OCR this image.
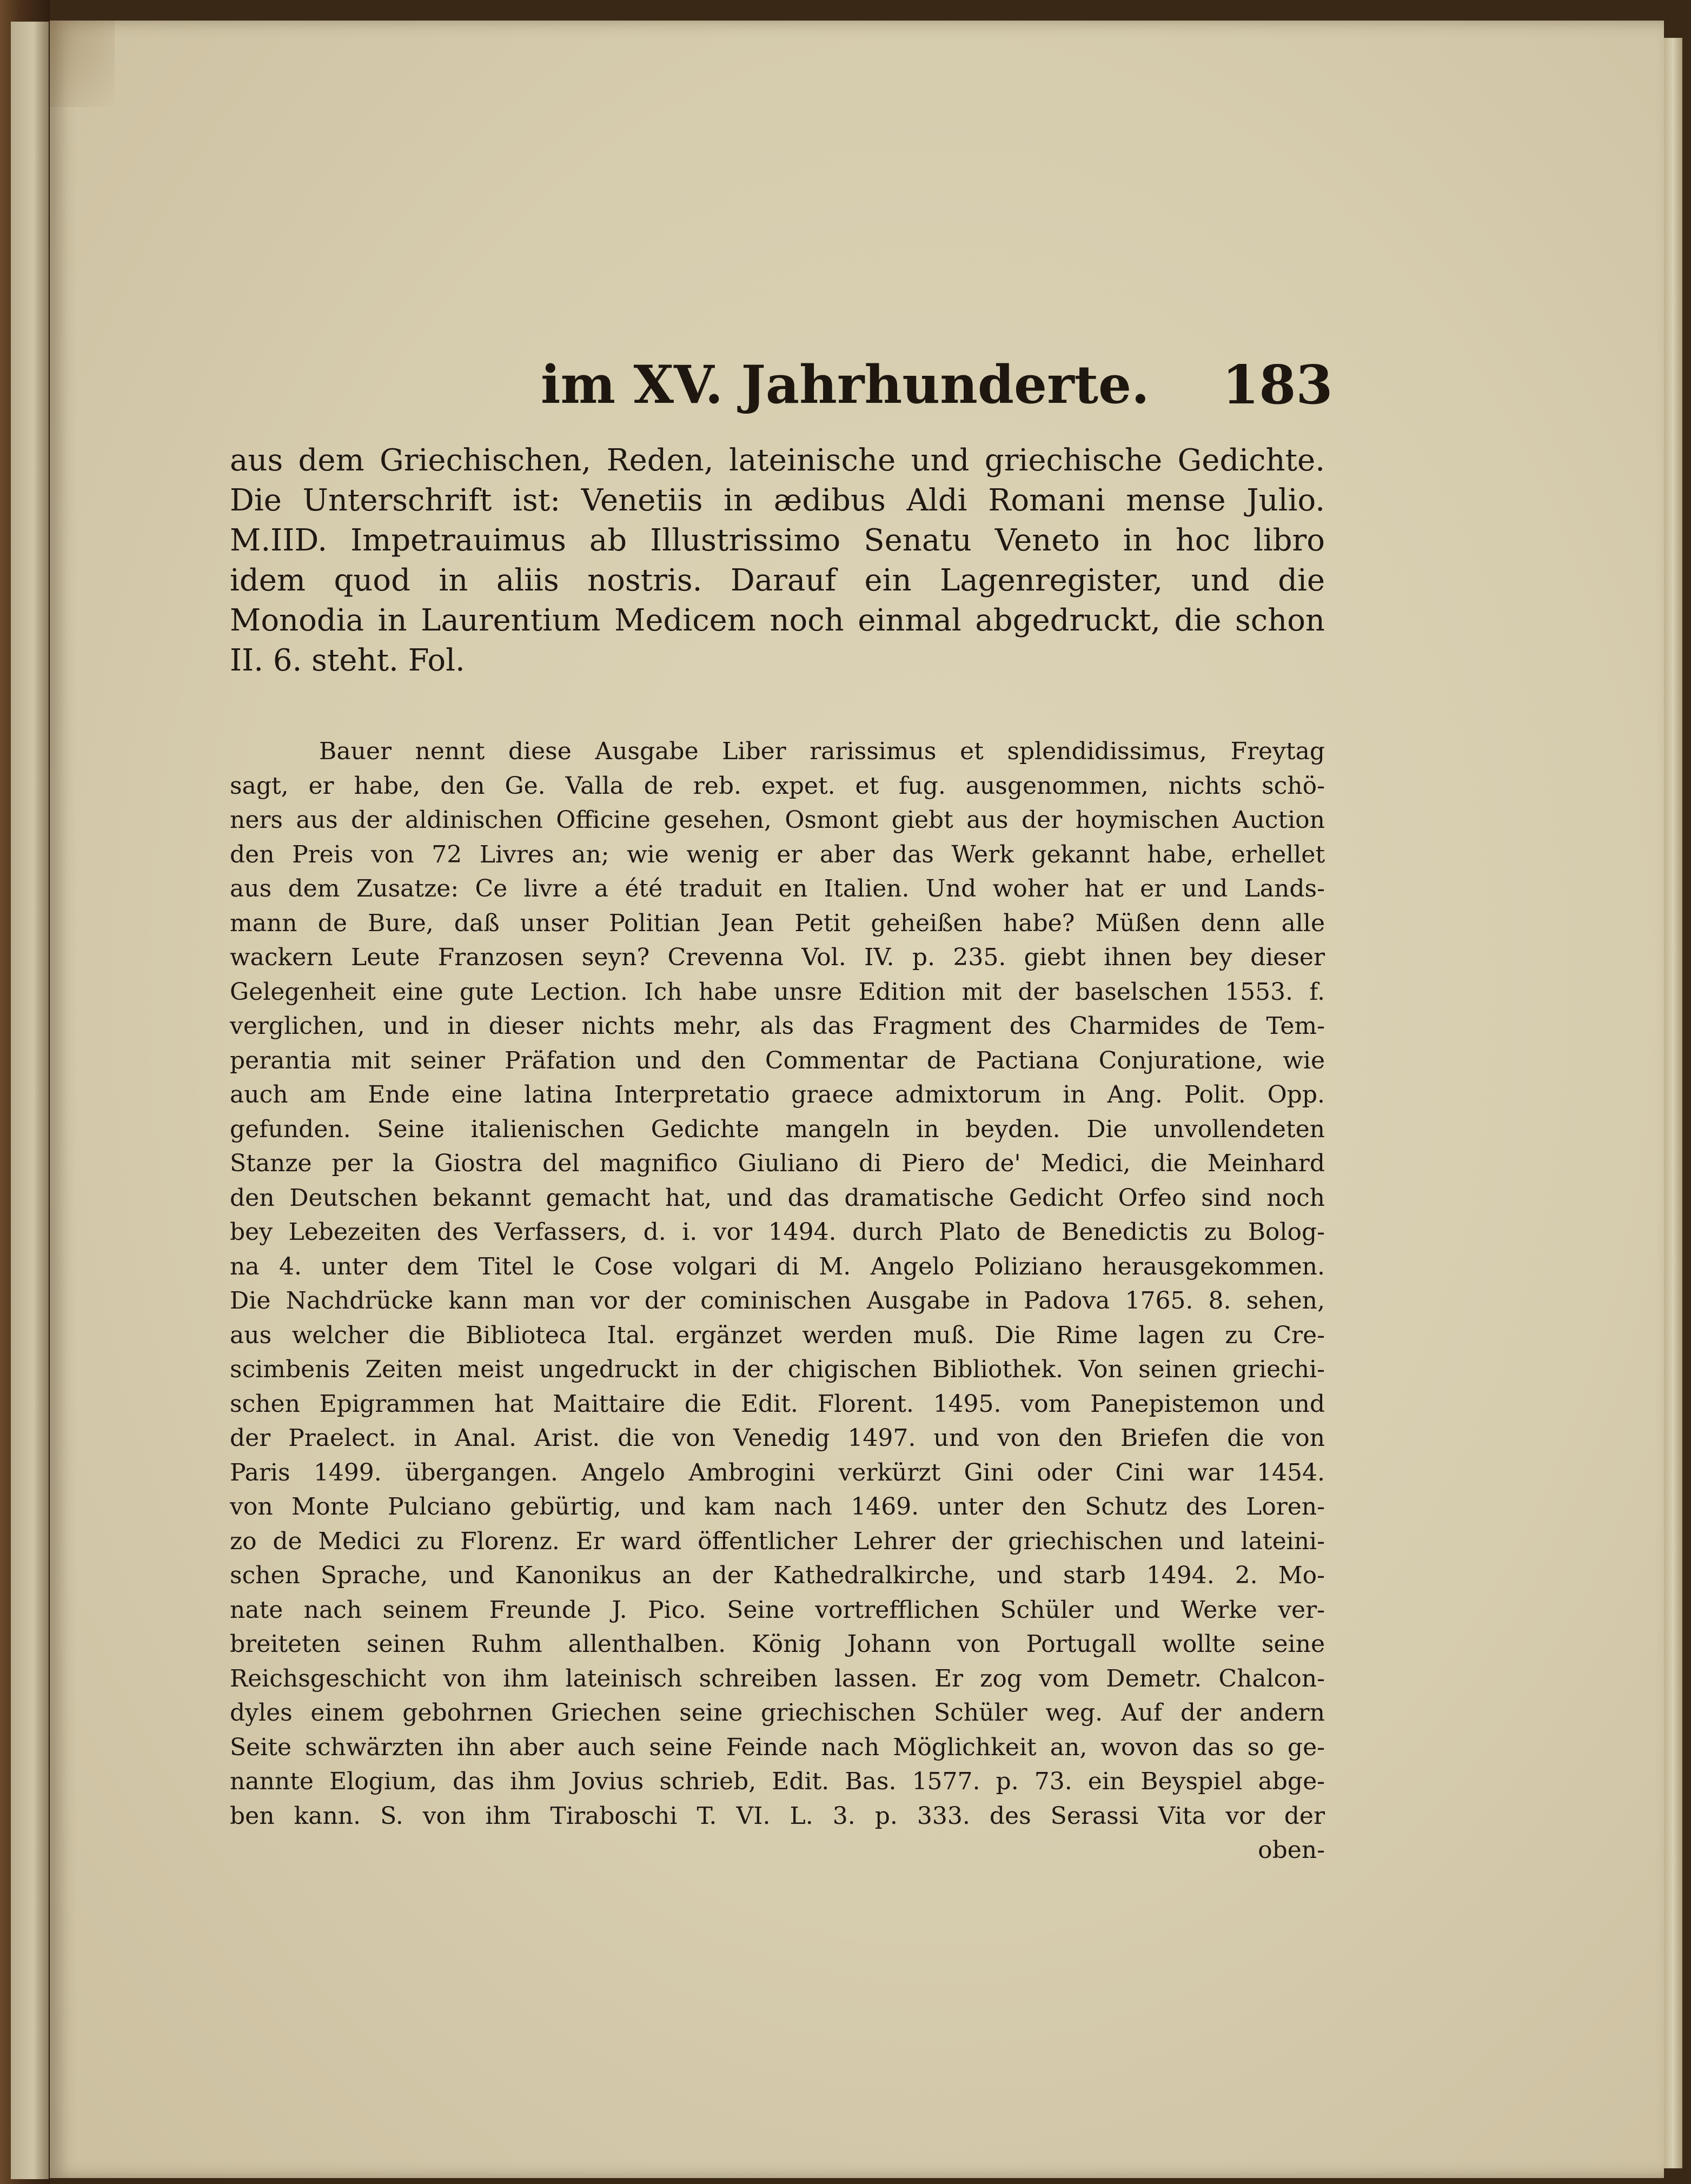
im XV. Jahrhunderte. 183
aus dem Griechischen, Reden, lateinische und griechische Gedichte.
Die Unterschrift ist: Venetiis in ædibus Aldi Romani mense Julio.
M.IID. Impetrauimus ab Illustrissimo Senatu Veneto in hoc libro
idem quod in aliis nostris. Darauf ein Lagenregister, und die
Monodia in Laurentium Medicem noch einmal abgedruckt, die schon
II. 6. steht. Fol.
Bauer nennt diese Ausgabe Liber rarissimus et splendidissimus, Freytag
sagt, er habe, den Ge. Valla de reb. expet. et fug. ausgenommen, nichts schö-
ners aus der aldinischen Officine gesehen, Osmont giebt aus der hoymischen Auction
den Preis von 72 Livres an; wie wenig er aber das Werk gekannt habe, erhellet
aus dem Zusatze: Ce livre a été traduit en Italien. Und woher hat er und Lands-
mann de Bure, daß unser Politian Jean Petit geheißen habe? Müßen denn alle
wackern Leute Franzosen seyn? Crevenna Vol. IV. p. 235. giebt ihnen bey dieser
Gelegenheit eine gute Lection. Ich habe unsre Edition mit der baselschen 1553. f.
verglichen, und in dieser nichts mehr, als das Fragment des Charmides de Tem-
perantia mit seiner Präfation und den Commentar de Pactiana Conjuratione, wie
auch am Ende eine latina Interpretatio graece admixtorum in Ang. Polit. Opp.
gefunden. Seine italienischen Gedichte mangeln in beyden. Die unvollendeten
Stanze per la Giostra del magnifico Giuliano di Piero de' Medici, die Meinhard
den Deutschen bekannt gemacht hat, und das dramatische Gedicht Orfeo sind noch
bey Lebezeiten des Verfassers, d. i. vor 1494. durch Plato de Benedictis zu Bolog-
na 4. unter dem Titel le Cose volgari di M. Angelo Poliziano herausgekommen.
Die Nachdrücke kann man vor der cominischen Ausgabe in Padova 1765. 8. sehen,
aus welcher die Biblioteca Ital. ergänzet werden muß. Die Rime lagen zu Cre-
scimbenis Zeiten meist ungedruckt in der chigischen Bibliothek. Von seinen griechi-
schen Epigrammen hat Maittaire die Edit. Florent. 1495. vom Panepistemon und
der Praelect. in Anal. Arist. die von Venedig 1497. und von den Briefen die von
Paris 1499. übergangen. Angelo Ambrogini verkürzt Gini oder Cini war 1454.
von Monte Pulciano gebürtig, und kam nach 1469. unter den Schutz des Loren-
zo de Medici zu Florenz. Er ward öffentlicher Lehrer der griechischen und lateini-
schen Sprache, und Kanonikus an der Kathedralkirche, und starb 1494. 2. Mo-
nate nach seinem Freunde J. Pico. Seine vortrefflichen Schüler und Werke ver-
breiteten seinen Ruhm allenthalben. König Johann von Portugall wollte seine
Reichsgeschicht von ihm lateinisch schreiben lassen. Er zog vom Demetr. Chalcon-
dyles einem gebohrnen Griechen seine griechischen Schüler weg. Auf der andern
Seite schwärzten ihn aber auch seine Feinde nach Möglichkeit an, wovon das so ge-
nannte Elogium, das ihm Jovius schrieb, Edit. Bas. 1577. p. 73. ein Beyspiel abge-
ben kann. S. von ihm Tiraboschi T. VI. L. 3. p. 333. des Serassi Vita vor der
oben-
